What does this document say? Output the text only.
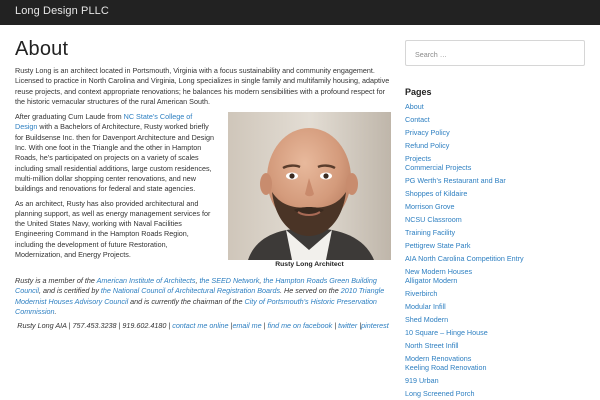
Long Design PLLC
About

Rusty Long is an architect located in Portsmouth, Virginia with a focus sustainability and community engagement. Licensed to practice in North Carolina and Virginia, Long specializes in single family and multifamily housing, adaptive reuse projects, and context appropriate renovations; he balances his modern sensibilities with a profound respect for the historic vernacular structures of the rural American South.

After graduating Cum Laude from NC State’s College of Design with a Bachelors of Architecture, Rusty worked briefly for Buildsense Inc. then for Davenport Architecture and Design Inc. With one foot in the Triangle and the other in Hampton Roads, he’s participated on projects on a variety of scales including small residential additions, large custom residences, multi-million dollar shopping center renovations, and new buildings and renovations for federal and state agencies.

As an architect, Rusty has also provided architectural and planning support, as well as energy management services for the United States Navy, working with Naval Facilities Engineering Command in the Hampton Roads Region, including the development of future Restoration, Modernization, and Energy Projects.

Rusty Long Architect

Rusty is a member of the American Institute of Architects, the SEED Network, the Hampton Roads Green Building Council, and is certified by the National Council of Architectural Registration Boards. He served on the 2010 Triangle Modernist Houses Advisory Council and is currently the chairman of the City of Portsmouth’s Historic Preservation Commission.

Rusty Long AIA | 757.453.3238 | 919.602.4180 | contact me online |email me | find me on facebook | twitter |pinterest

Search …
Pages
About
Contact
Privacy Policy
Refund Policy
Projects
Commercial Projects
PG Werth’s Restaurant and Bar
Shoppes of Kildaire
Morrison Grove
NCSU Classroom
Training Facility
Pettigrew State Park
AIA North Carolina Competition Entry
New Modern Houses
Alligator Modern
Riverbirch
Modular Infill
Shed Modern
10 Square – Hinge House
North Street Infill
Modern Renovations
Keeling Road Renovation
919 Urban
Long Screened Porch
